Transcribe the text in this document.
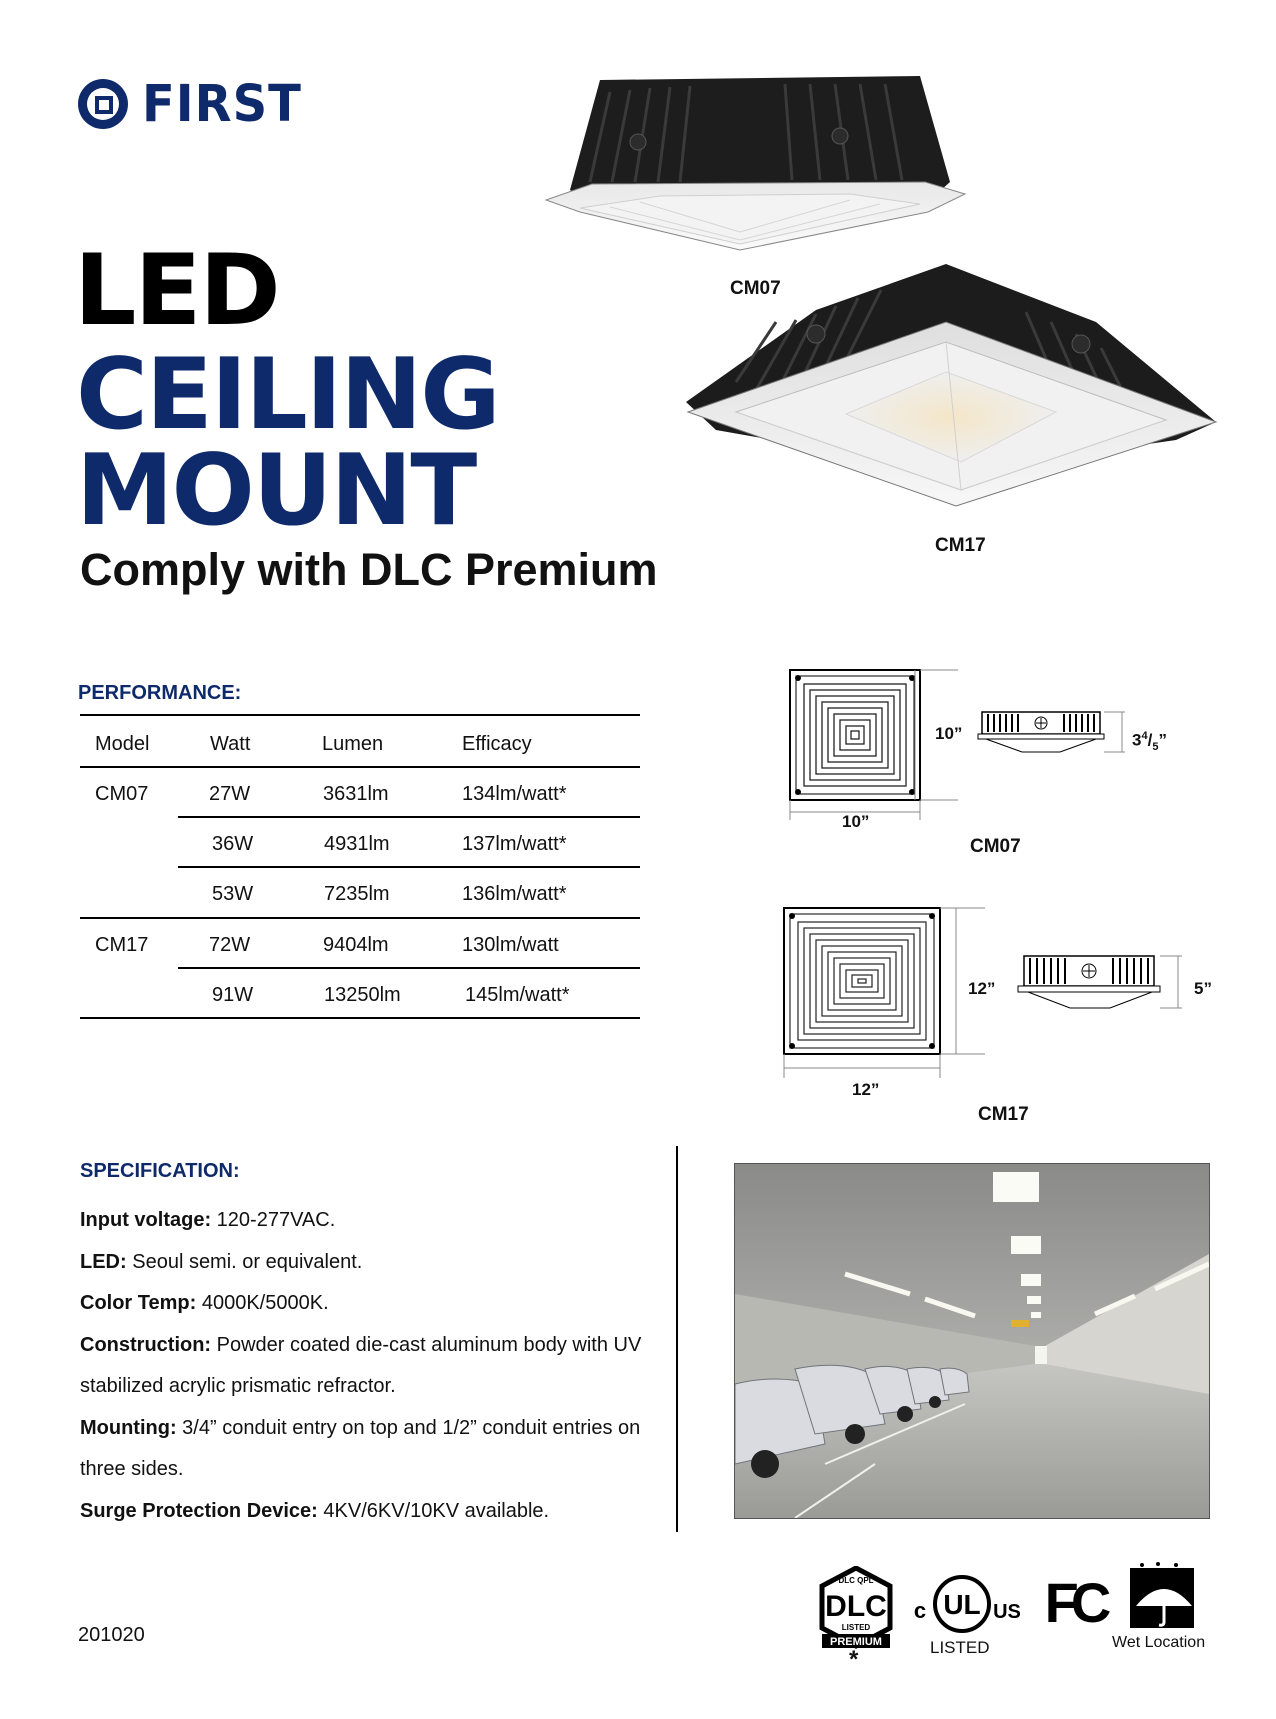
FIRST
LED
CEILING
MOUNT
Comply with DLC Premium
CM07
CM17
PERFORMANCE:
Model	Watt	Lumen	Efficacy
CM07	27W	3631lm	134lm/watt*
36W	4931lm	137lm/watt*
53W	7235lm	136lm/watt*
CM17	72W	9404lm	130lm/watt
91W	13250lm	145lm/watt*
10”
10”
$3^4/_5$”
CM07
12”
12”
5”
CM17
SPECIFICATION:
Input voltage: 120-277VAC.
LED: Seoul semi. or equivalent.
Color Temp: 4000K/5000K.
Construction: Powder coated die-cast aluminum body with UV stabilized acrylic prismatic refractor.
Mounting: 3/4” conduit entry on top and 1/2” conduit entries on three sides.
Surge Protection Device: 4KV/6KV/10KV available.
DLC QPL
DLC
LISTED
PREMIUM
*
UL
c	US
LISTED
FC
Wet Location
201020
